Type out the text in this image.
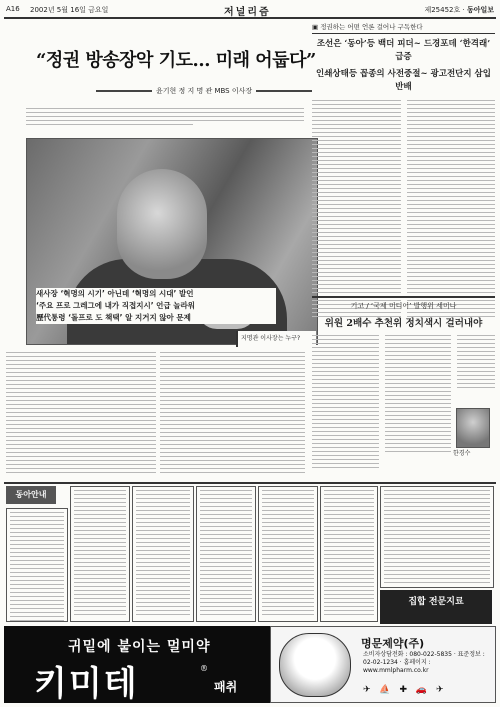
A16 2002년 5월 16일 금요일	저널리즘	제25452호 · 동아일보
“정권 방송장악 기도… 미래 어둡다”
윤기현 정 지 명 관 MBS 이사장
지명관 이사장는 누구?
새사장 ‘혁명의 시기’ 아닌데 ‘혁명의 시대’ 발언
‘주요 프로 그레그에 내가 직접지시’ 언급 놀라워
歷代통령 ‘돌프로 도 책택’ 알 지거지 않아 문제
▣ 정권하는 어떤 언론 걸어나 구독한다
조선은 ‘동아’등 백더 피더~ 드경포데 ‘한격래’ 급증
인쇄상태등 꼽종의 사전중절~ 광고전단지 삼입반배
기고 / ‘국제 미디어’ 발행위 세미나
위원 2배수 추천위 정치색시 걸러내야
한경수
동아안내
집합 전문지료
귀밑에 붙이는 멀미약
키미테	®
패취
명문제약(주)
소비자상담전화 : 080-022-5835 · 표준정보 : 02-02-1234 · 홈페이지 : www.mmlpharm.co.kr
✈ ⛵ ✚ 🚗 ✈
